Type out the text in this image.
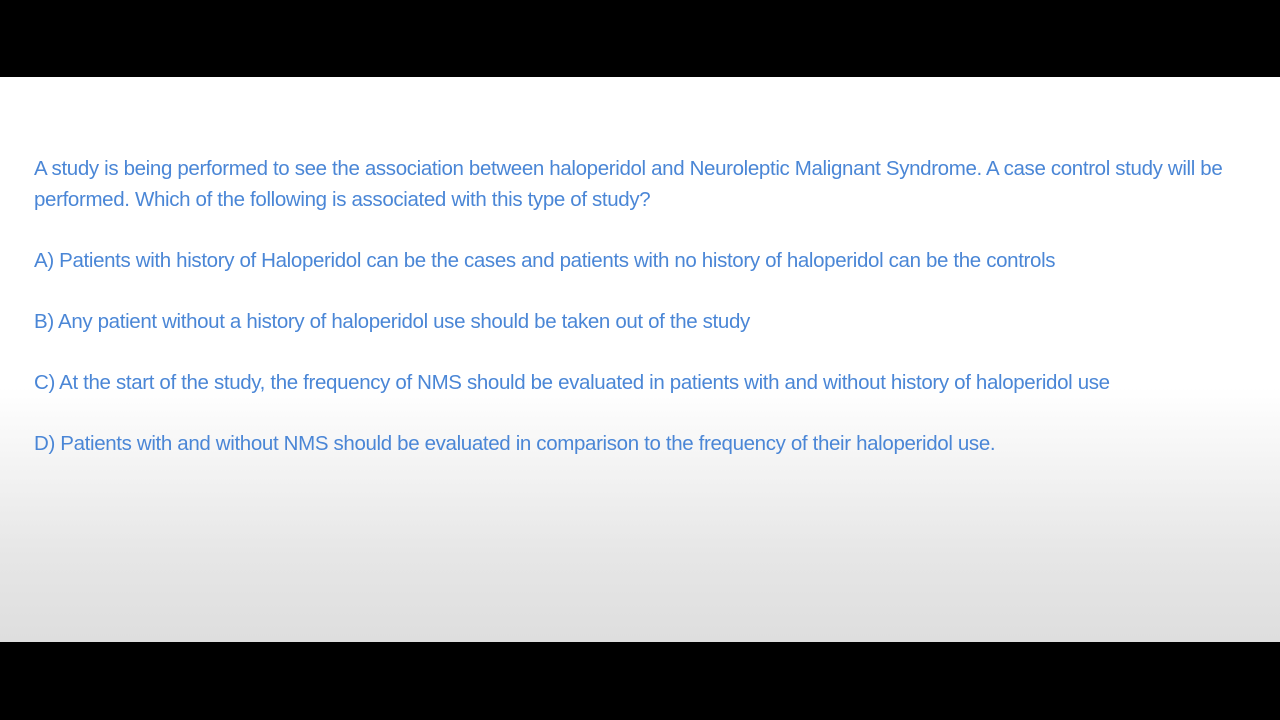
A study is being performed to see the association between haloperidol and Neuroleptic Malignant Syndrome. A case control study will be performed. Which of the following is associated with this type of study?

A) Patients with history of Haloperidol can be the cases and patients with no history of haloperidol can be the controls

B) Any patient without a history of haloperidol use should be taken out of the study

C) At the start of the study, the frequency of NMS should be evaluated in patients with and without history of haloperidol use

D) Patients with and without NMS should be evaluated in comparison to the frequency of their haloperidol use.
